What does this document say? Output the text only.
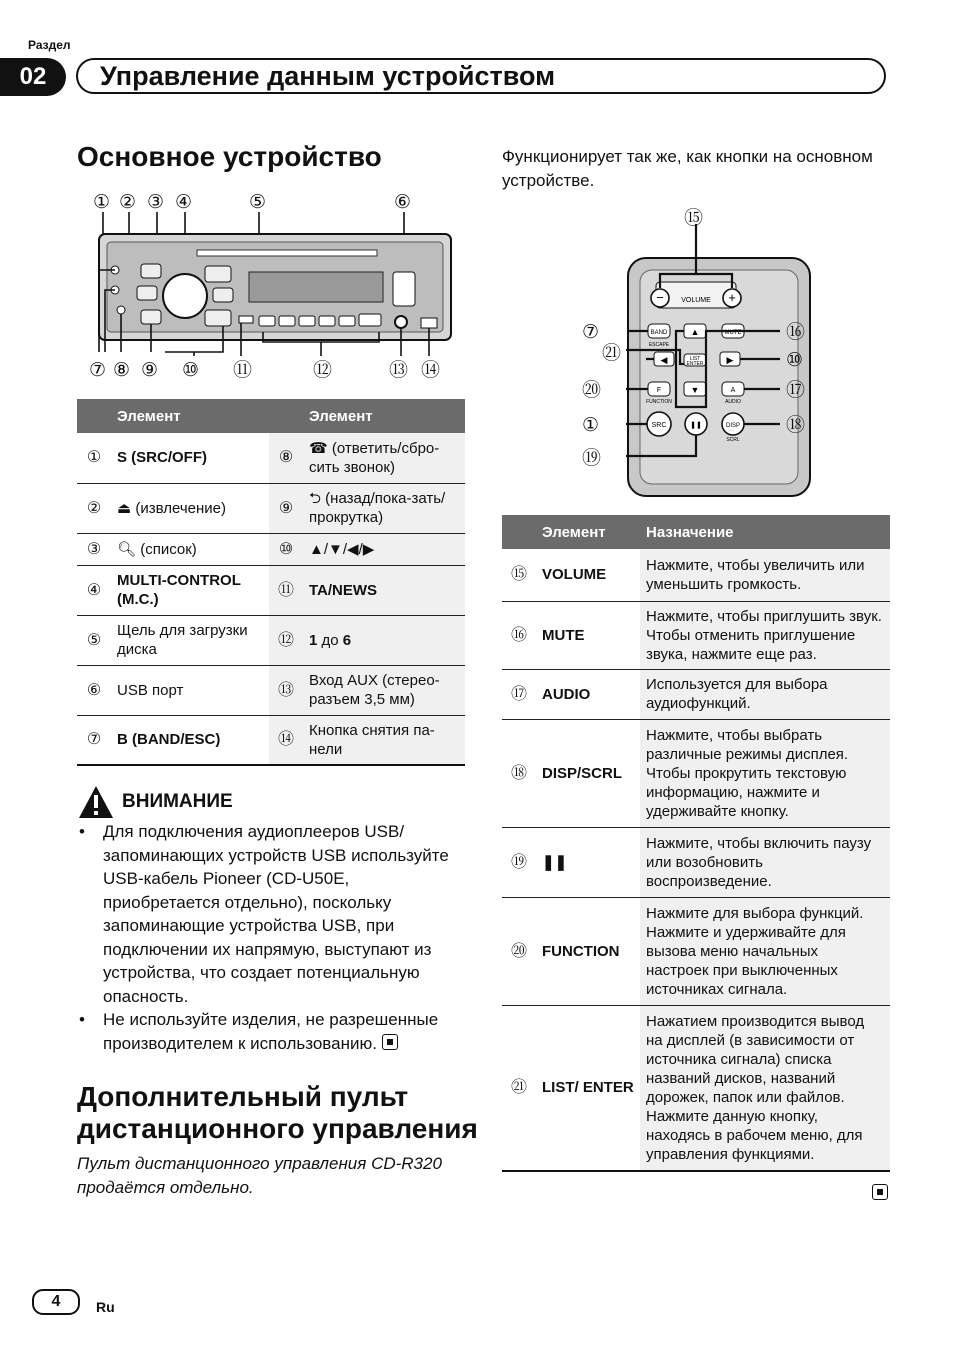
Раздел
02	Управление данным устройством
Основное устройство
① ② ③ ④	⑤	⑥
⑦ ⑧ ⑨ ⑩ ⑪	⑫	⑬ ⑭
	Элемент		Элемент
①	S (SRC/OFF)	⑧	☎ (ответить/сбро-сить звонок)
②	⏏ (извлечение)	⑨	⮌ (назад/пока-зать/прокрутка)
③	🔍︎ (список)	⑩	▲/▼/◀/▶
④	MULTI-CONTROL (M.C.)	⑪	TA/NEWS
⑤	Щель для загрузки диска	⑫	1 до 6
⑥	USB порт	⑬	Вход AUX (стерео-разъем 3,5 мм)
⑦	B (BAND/ESC)	⑭	Кнопка снятия па-нели
ВНИМАНИЕ
• Для подключения аудиоплееров USB/запоминающих устройств USB используйте USB-кабель Pioneer (CD-U50E, приобретается отдельно), поскольку запоминающие устройства USB, при подключении их напрямую, выступают из устройства, что создает потенциальную опасность.
• Не используйте изделия, не разрешенные производителем к использованию.
Дополнительный пульт
дистанционного управления
Пульт дистанционного управления CD-R320 продаётся отдельно.
Функционирует так же, как кнопки на основном устройстве.
−	+
VOLUME
BAND
ESCAPE
▲	MUTE
◀	LIST
ENTER	▶
F
FUNCTION
▼	A
AUDIO
SRC	❚❚	DISP
SCRL
⑮
⑦	⑯
㉑	⑩
⑳	⑰
①	⑱
⑲
	Элемент	Назначение
⑮	VOLUME	Нажмите, чтобы увеличить или уменьшить громкость.
⑯	MUTE	Нажмите, чтобы приглушить звук. Чтобы отменить приглушение звука, нажмите еще раз.
⑰	AUDIO	Используется для выбора аудиофункций.
⑱	DISP/SCRL	Нажмите, чтобы выбрать различные режимы дисплея. Чтобы прокрутить текстовую информацию, нажмите и удерживайте кнопку.
⑲	❚❚	Нажмите, чтобы включить паузу или возобновить воспроизведение.
⑳	FUNCTION	Нажмите для выбора функций. Нажмите и удерживайте для вызова меню начальных настроек при выключенных источниках сигнала.
㉑	LIST/ ENTER	Нажатием производится вывод на дисплей (в зависимости от источника сигнала) списка названий дисков, названий дорожек, папок или файлов. Нажмите данную кнопку, находясь в рабочем меню, для управления функциями.
4	Ru
